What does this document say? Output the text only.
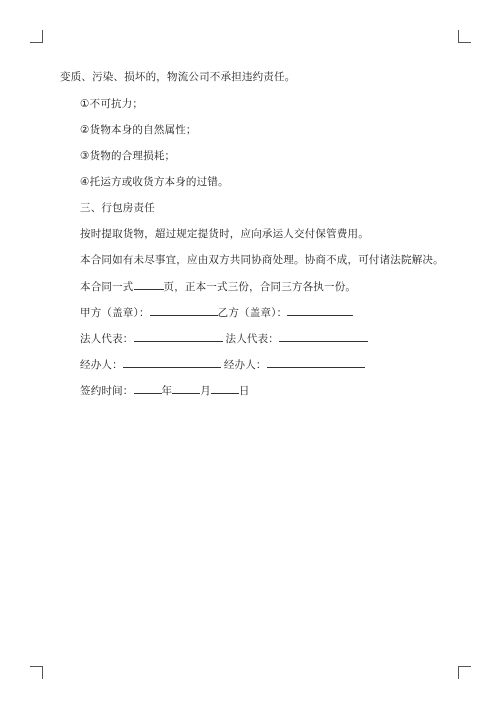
变质、污染、损坏的，物流公司不承担违约责任。
①不可抗力；
②货物本身的自然属性；
③货物的合理损耗；
④托运方或收货方本身的过错。
三、行包房责任
按时提取货物，超过规定提货时，应向承运人交付保管费用。
本合同如有未尽事宜，应由双方共同协商处理。协商不成，可付诸法院解决。
本合同一式	页，正本一式三份，合同三方各执一份。
甲方（盖章）：	乙方（盖章）：
法人代表：	法人代表：
经办人：	经办人：
签约时间：	年	月	日
